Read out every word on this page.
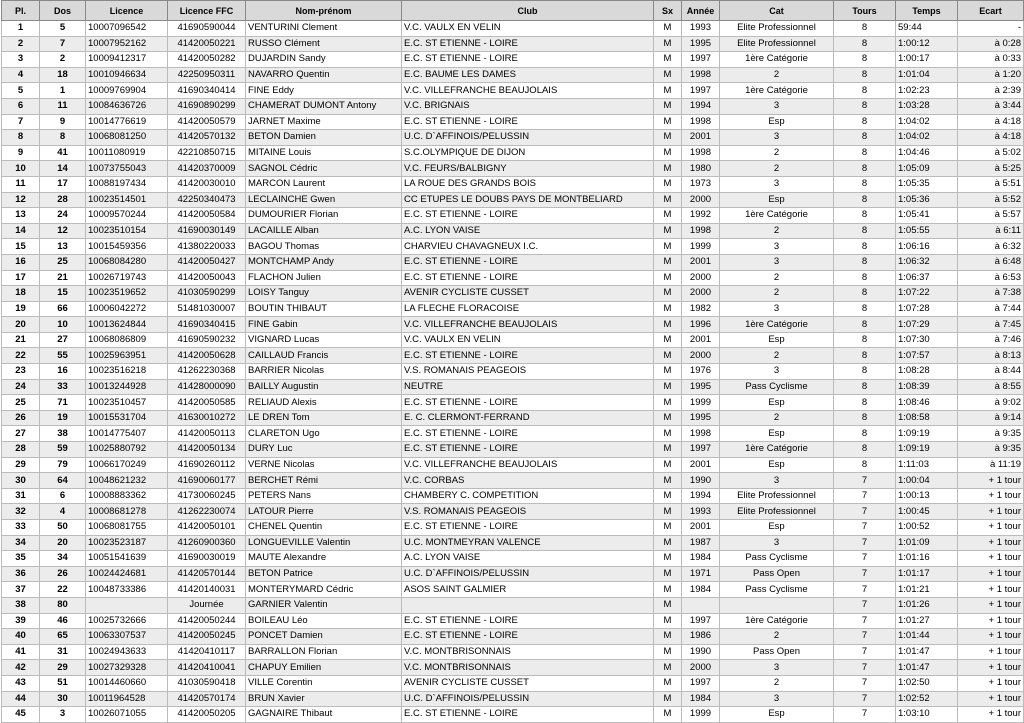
Pl.	Dos	Licence	Licence FFC	Nom-prénom	Club	Sx	Année	Cat	Tours	Temps	Ecart
1	5	10007096542	41690590044	VENTURINI Clement	V.C. VAULX EN VELIN	M	1993	Elite Professionnel	8	59:44	-
2	7	10007952162	41420050221	RUSSO Clément	E.C. ST ETIENNE - LOIRE	M	1995	Elite Professionnel	8	1:00:12	à 0:28
3	2	10009412317	41420050282	DUJARDIN Sandy	E.C. ST ETIENNE - LOIRE	M	1997	1ère Catégorie	8	1:00:17	à 0:33
4	18	10010946634	42250950311	NAVARRO Quentin	E.C. BAUME LES DAMES	M	1998	2	8	1:01:04	à 1:20
5	1	10009769904	41690340414	FINE Eddy	V.C. VILLEFRANCHE BEAUJOLAIS	M	1997	1ère Catégorie	8	1:02:23	à 2:39
6	11	10084636726	41690890299	CHAMERAT DUMONT Antony	V.C. BRIGNAIS	M	1994	3	8	1:03:28	à 3:44
7	9	10014776619	41420050579	JARNET Maxime	E.C. ST ETIENNE - LOIRE	M	1998	Esp	8	1:04:02	à 4:18
8	8	10068081250	41420570132	BETON Damien	U.C. D`AFFINOIS/PELUSSIN	M	2001	3	8	1:04:02	à 4:18
9	41	10011080919	42210850715	MITAINE Louis	S.C.OLYMPIQUE DE DIJON	M	1998	2	8	1:04:46	à 5:02
10	14	10073755043	41420370009	SAGNOL Cédric	V.C. FEURS/BALBIGNY	M	1980	2	8	1:05:09	à 5:25
11	17	10088197434	41420030010	MARCON Laurent	LA ROUE DES GRANDS BOIS	M	1973	3	8	1:05:35	à 5:51
12	28	10023514501	42250340473	LECLAINCHE Gwen	CC ETUPES LE DOUBS PAYS DE MONTBELIARD	M	2000	Esp	8	1:05:36	à 5:52
13	24	10009570244	41420050584	DUMOURIER Florian	E.C. ST ETIENNE - LOIRE	M	1992	1ère Catégorie	8	1:05:41	à 5:57
14	12	10023510154	41690030149	LACAILLE Alban	A.C. LYON VAISE	M	1998	2	8	1:05:55	à 6:11
15	13	10015459356	41380220033	BAGOU Thomas	CHARVIEU CHAVAGNEUX I.C.	M	1999	3	8	1:06:16	à 6:32
16	25	10068084280	41420050427	MONTCHAMP Andy	E.C. ST ETIENNE - LOIRE	M	2001	3	8	1:06:32	à 6:48
17	21	10026719743	41420050043	FLACHON Julien	E.C. ST ETIENNE - LOIRE	M	2000	2	8	1:06:37	à 6:53
18	15	10023519652	41030590299	LOISY Tanguy	AVENIR CYCLISTE CUSSET	M	2000	2	8	1:07:22	à 7:38
19	66	10006042272	51481030007	BOUTIN THIBAUT	LA FLECHE FLORACOISE	M	1982	3	8	1:07:28	à 7:44
20	10	10013624844	41690340415	FINE Gabin	V.C. VILLEFRANCHE BEAUJOLAIS	M	1996	1ère Catégorie	8	1:07:29	à 7:45
21	27	10068086809	41690590232	VIGNARD Lucas	V.C. VAULX EN VELIN	M	2001	Esp	8	1:07:30	à 7:46
22	55	10025963951	41420050628	CAILLAUD Francis	E.C. ST ETIENNE - LOIRE	M	2000	2	8	1:07:57	à 8:13
23	16	10023516218	41262230368	BARRIER Nicolas	V.S. ROMANAIS PEAGEOIS	M	1976	3	8	1:08:28	à 8:44
24	33	10013244928	41428000090	BAILLY Augustin	NEUTRE	M	1995	Pass Cyclisme	8	1:08:39	à 8:55
25	71	10023510457	41420050585	RELIAUD Alexis	E.C. ST ETIENNE - LOIRE	M	1999	Esp	8	1:08:46	à 9:02
26	19	10015531704	41630010272	LE DREN Tom	E. C. CLERMONT-FERRAND	M	1995	2	8	1:08:58	à 9:14
27	38	10014775407	41420050113	CLARETON Ugo	E.C. ST ETIENNE - LOIRE	M	1998	Esp	8	1:09:19	à 9:35
28	59	10025880792	41420050134	DURY Luc	E.C. ST ETIENNE - LOIRE	M	1997	1ère Catégorie	8	1:09:19	à 9:35
29	79	10066170249	41690260112	VERNE Nicolas	V.C. VILLEFRANCHE BEAUJOLAIS	M	2001	Esp	8	1:11:03	à 11:19
30	64	10048621232	41690060177	BERCHET Rémi	V.C. CORBAS	M	1990	3	7	1:00:04	+ 1 tour
31	6	10008883362	41730060245	PETERS Nans	CHAMBERY C. COMPETITION	M	1994	Elite Professionnel	7	1:00:13	+ 1 tour
32	4	10008681278	41262230074	LATOUR Pierre	V.S. ROMANAIS PEAGEOIS	M	1993	Elite Professionnel	7	1:00:45	+ 1 tour
33	50	10068081755	41420050101	CHENEL Quentin	E.C. ST ETIENNE - LOIRE	M	2001	Esp	7	1:00:52	+ 1 tour
34	20	10023523187	41260900360	LONGUEVILLE Valentin	U.C. MONTMEYRAN VALENCE	M	1987	3	7	1:01:09	+ 1 tour
35	34	10051541639	41690030019	MAUTE Alexandre	A.C. LYON VAISE	M	1984	Pass Cyclisme	7	1:01:16	+ 1 tour
36	26	10024424681	41420570144	BETON Patrice	U.C. D`AFFINOIS/PELUSSIN	M	1971	Pass Open	7	1:01:17	+ 1 tour
37	22	10048733386	41420140031	MONTERYMARD Cédric	ASOS SAINT GALMIER	M	1984	Pass Cyclisme	7	1:01:21	+ 1 tour
38	80		Journée	GARNIER Valentin		M			7	1:01:26	+ 1 tour
39	46	10025732666	41420050244	BOILEAU Léo	E.C. ST ETIENNE - LOIRE	M	1997	1ère Catégorie	7	1:01:27	+ 1 tour
40	65	10063307537	41420050245	PONCET Damien	E.C. ST ETIENNE - LOIRE	M	1986	2	7	1:01:44	+ 1 tour
41	31	10024943633	41420410117	BARRALLON Florian	V.C. MONTBRISONNAIS	M	1990	Pass Open	7	1:01:47	+ 1 tour
42	29	10027329328	41420410041	CHAPUY Emilien	V.C. MONTBRISONNAIS	M	2000	3	7	1:01:47	+ 1 tour
43	51	10014460660	41030590418	VILLE Corentin	AVENIR CYCLISTE CUSSET	M	1997	2	7	1:02:50	+ 1 tour
44	30	10011964528	41420570174	BRUN Xavier	U.C. D`AFFINOIS/PELUSSIN	M	1984	3	7	1:02:52	+ 1 tour
45	3	10026071055	41420050205	GAGNAIRE Thibaut	E.C. ST ETIENNE - LOIRE	M	1999	Esp	7	1:03:10	+ 1 tour
